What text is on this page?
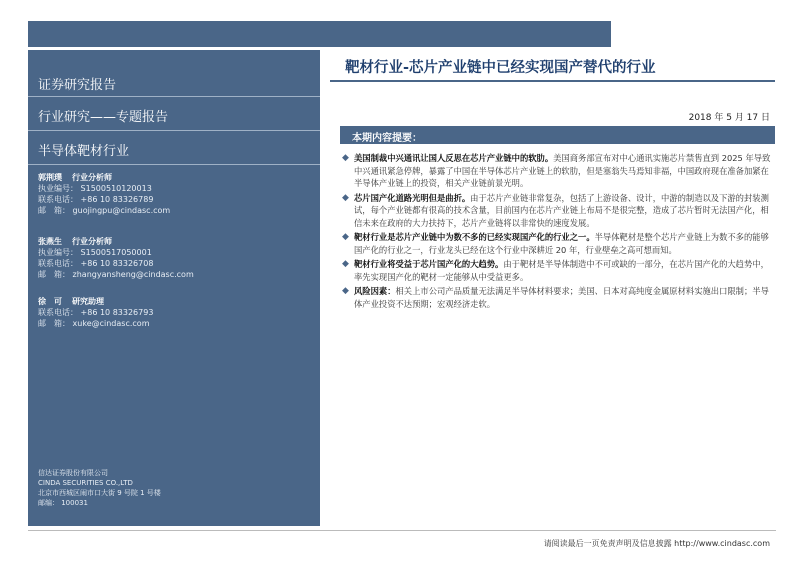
证券研究报告
行业研究——专题报告
半导体靶材行业
郭荆璞 行业分析师
执业编号： S1500510120013
联系电话： +86 10 83326789
邮　箱： guojingpu@cindasc.com
张燕生 行业分析师
执业编号： S1500517050001
联系电话： +86 10 83326708
邮　箱： zhangyansheng@cindasc.com
徐　可 研究助理
联系电话： +86 10 83326793
邮　箱： xuke@cindasc.com
信达证券股份有限公司
CINDA SECURITIES CO.,LTD
北京市西城区闹市口大街 9 号院 1 号楼
邮编： 100031
靶材行业-芯片产业链中已经实现国产替代的行业
2018 年 5 月 17 日
本期内容提要：
◆ 美国制裁中兴通讯让国人反思在芯片产业链中的软肋。美国商务部宣布对中心通讯实施芯片禁售直到 2025 年导致中兴通讯紧急停牌，暴露了中国在半导体芯片产业链上的软肋，但是塞翁失马焉知非福，中国政府现在准备加紧在半导体产业链上的投资，相关产业链前景光明。
◆ 芯片国产化道路光明但是曲折。由于芯片产业链非常复杂，包括了上游设备、设计，中游的制造以及下游的封装测试，每个产业链都有很高的技术含量，目前国内在芯片产业链上布局不是很完整，造成了芯片暂时无法国产化，相信未来在政府的大力扶持下，芯片产业链将以非常快的速度发展。
◆ 靶材行业是芯片产业链中为数不多的已经实现国产化的行业之一。半导体靶材是整个芯片产业链上为数不多的能够国产化的行业之一，行业龙头已经在这个行业中深耕近 20 年，行业壁垒之高可想而知。
◆ 靶材行业将受益于芯片国产化的大趋势。由于靶材是半导体制造中不可或缺的一部分，在芯片国产化的大趋势中，率先实现国产化的靶材一定能够从中受益更多。
◆ 风险因素：相关上市公司产品质量无法满足半导体材料要求；美国、日本对高纯度金属原材料实施出口限制；半导体产业投资不达预期；宏观经济走软。
请阅读最后一页免责声明及信息披露 http://www.cindasc.com
